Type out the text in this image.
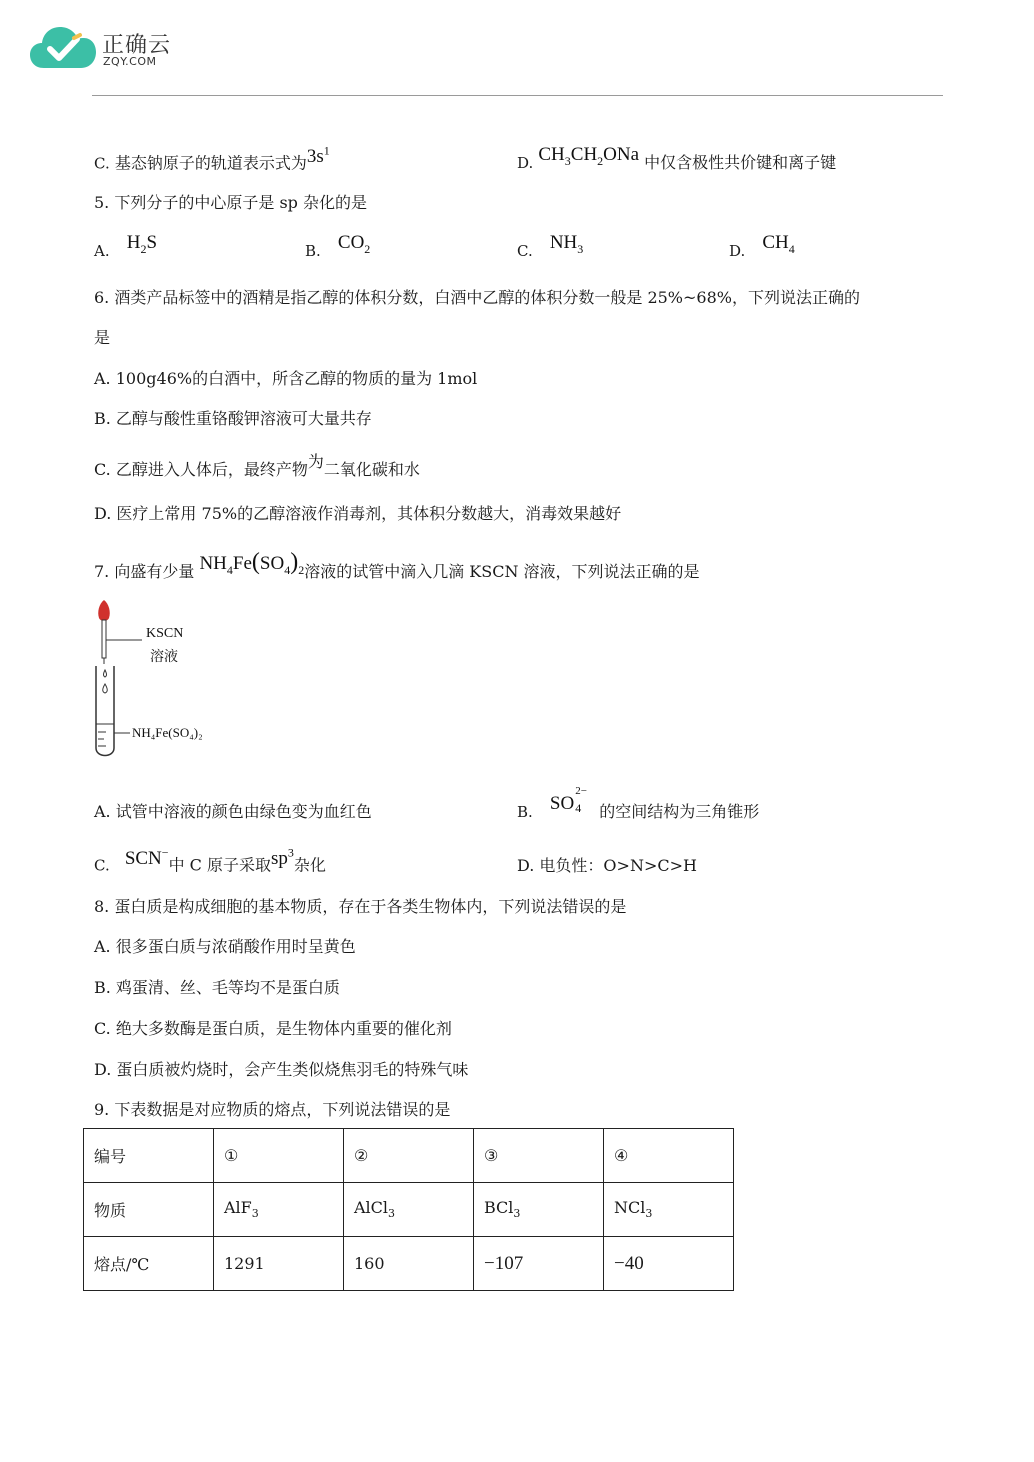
正确云
ZQY.COM
C. 基态钠原子的轨道表示式为$3s^1$
D. $CH_3CH_2ONa$ 中仅含极性共价键和离子键
5. 下列分子的中心原子是 sp 杂化的是
A. $H_2S$	B. $CO_2$	C. $NH_3$	D. $CH_4$
6. 酒类产品标签中的酒精是指乙醇的体积分数，白酒中乙醇的体积分数一般是 25%~68%，下列说法正确的
是
A. 100g46%的白酒中，所含乙醇的物质的量为 1mol
B. 乙醇与酸性重铬酸钾溶液可大量共存
C. 乙醇进入人体后，最终产物为二氧化碳和水
D. 医疗上常用 75%的乙醇溶液作消毒剂，其体积分数越大，消毒效果越好
7. 向盛有少量 $NH_4Fe(SO_4)_2$溶液的试管中滴入几滴 KSCN 溶液，下列说法正确的是
KSCN
溶液
NH₄Fe(SO₄)₂
A. 试管中溶液的颜色由绿色变为血红色	B. SO
2−
4 的空间结构为三角锥形
C. SCN−中 C 原子采取$sp^3$杂化	D. 电负性：O>N>C>H
8. 蛋白质是构成细胞的基本物质，存在于各类生物体内，下列说法错误的是
A. 很多蛋白质与浓硝酸作用时呈黄色
B. 鸡蛋清、丝、毛等均不是蛋白质
C. 绝大多数酶是蛋白质，是生物体内重要的催化剂
D. 蛋白质被灼烧时，会产生类似烧焦羽毛的特殊气味
9. 下表数据是对应物质的熔点，下列说法错误的是
编号	①	②	③	④
物质	AlF$_3$	AlCl$_3$	BCl$_3$	NCl$_3$
熔点/℃	1291	160	−107	−40
